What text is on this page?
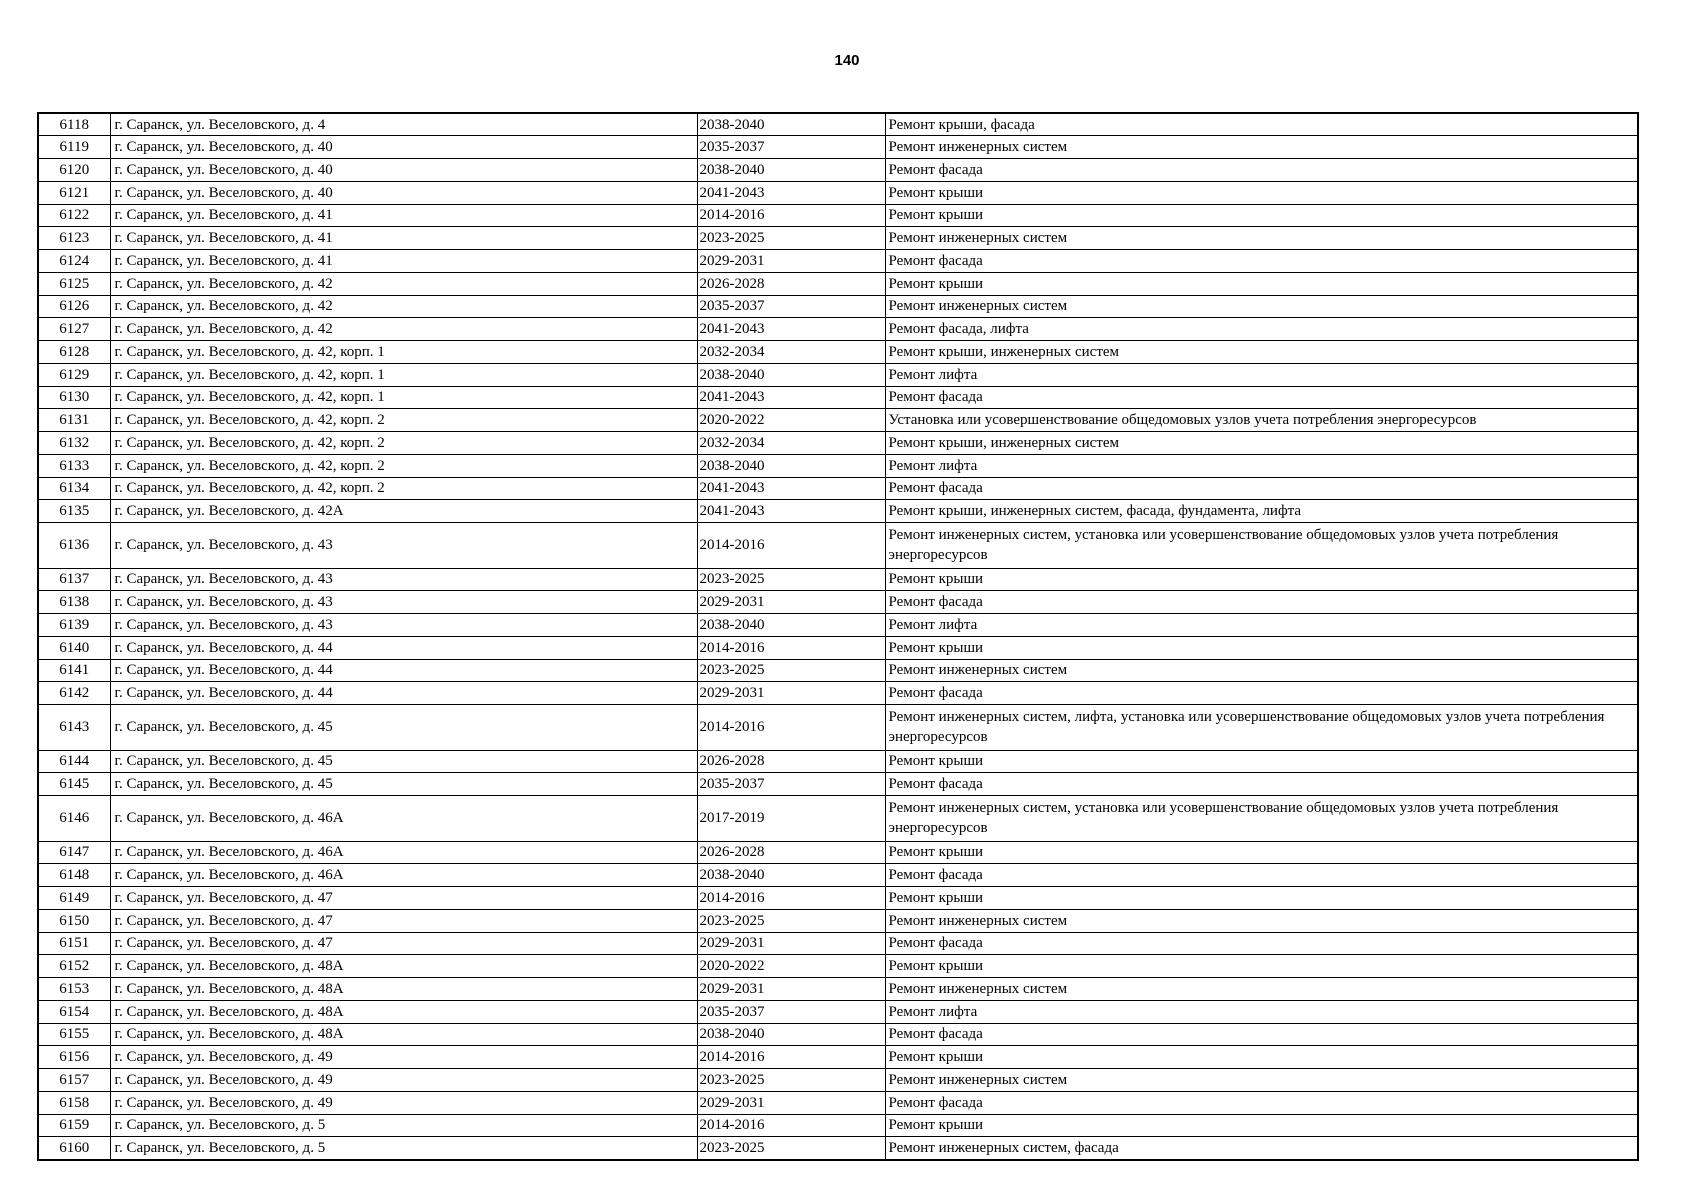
140
6118	г. Саранск, ул. Веселовского, д. 4	2038-2040	Ремонт крыши, фасада
6119	г. Саранск, ул. Веселовского, д. 40	2035-2037	Ремонт инженерных систем
6120	г. Саранск, ул. Веселовского, д. 40	2038-2040	Ремонт фасада
6121	г. Саранск, ул. Веселовского, д. 40	2041-2043	Ремонт крыши
6122	г. Саранск, ул. Веселовского, д. 41	2014-2016	Ремонт крыши
6123	г. Саранск, ул. Веселовского, д. 41	2023-2025	Ремонт инженерных систем
6124	г. Саранск, ул. Веселовского, д. 41	2029-2031	Ремонт фасада
6125	г. Саранск, ул. Веселовского, д. 42	2026-2028	Ремонт крыши
6126	г. Саранск, ул. Веселовского, д. 42	2035-2037	Ремонт инженерных систем
6127	г. Саранск, ул. Веселовского, д. 42	2041-2043	Ремонт фасада, лифта
6128	г. Саранск, ул. Веселовского, д. 42, корп. 1	2032-2034	Ремонт крыши, инженерных систем
6129	г. Саранск, ул. Веселовского, д. 42, корп. 1	2038-2040	Ремонт лифта
6130	г. Саранск, ул. Веселовского, д. 42, корп. 1	2041-2043	Ремонт фасада
6131	г. Саранск, ул. Веселовского, д. 42, корп. 2	2020-2022	Установка или усовершенствование общедомовых узлов учета потребления энергоресурсов
6132	г. Саранск, ул. Веселовского, д. 42, корп. 2	2032-2034	Ремонт крыши, инженерных систем
6133	г. Саранск, ул. Веселовского, д. 42, корп. 2	2038-2040	Ремонт лифта
6134	г. Саранск, ул. Веселовского, д. 42, корп. 2	2041-2043	Ремонт фасада
6135	г. Саранск, ул. Веселовского, д. 42А	2041-2043	Ремонт крыши, инженерных систем, фасада, фундамента, лифта
6136	г. Саранск, ул. Веселовского, д. 43	2014-2016	Ремонт инженерных систем, установка или усовершенствование общедомовых узлов учета потребления энергоресурсов
6137	г. Саранск, ул. Веселовского, д. 43	2023-2025	Ремонт крыши
6138	г. Саранск, ул. Веселовского, д. 43	2029-2031	Ремонт фасада
6139	г. Саранск, ул. Веселовского, д. 43	2038-2040	Ремонт лифта
6140	г. Саранск, ул. Веселовского, д. 44	2014-2016	Ремонт крыши
6141	г. Саранск, ул. Веселовского, д. 44	2023-2025	Ремонт инженерных систем
6142	г. Саранск, ул. Веселовского, д. 44	2029-2031	Ремонт фасада
6143	г. Саранск, ул. Веселовского, д. 45	2014-2016	Ремонт инженерных систем, лифта, установка или усовершенствование общедомовых узлов учета потребления энергоресурсов
6144	г. Саранск, ул. Веселовского, д. 45	2026-2028	Ремонт крыши
6145	г. Саранск, ул. Веселовского, д. 45	2035-2037	Ремонт фасада
6146	г. Саранск, ул. Веселовского, д. 46А	2017-2019	Ремонт инженерных систем, установка или усовершенствование общедомовых узлов учета потребления энергоресурсов
6147	г. Саранск, ул. Веселовского, д. 46А	2026-2028	Ремонт крыши
6148	г. Саранск, ул. Веселовского, д. 46А	2038-2040	Ремонт фасада
6149	г. Саранск, ул. Веселовского, д. 47	2014-2016	Ремонт крыши
6150	г. Саранск, ул. Веселовского, д. 47	2023-2025	Ремонт инженерных систем
6151	г. Саранск, ул. Веселовского, д. 47	2029-2031	Ремонт фасада
6152	г. Саранск, ул. Веселовского, д. 48А	2020-2022	Ремонт крыши
6153	г. Саранск, ул. Веселовского, д. 48А	2029-2031	Ремонт инженерных систем
6154	г. Саранск, ул. Веселовского, д. 48А	2035-2037	Ремонт лифта
6155	г. Саранск, ул. Веселовского, д. 48А	2038-2040	Ремонт фасада
6156	г. Саранск, ул. Веселовского, д. 49	2014-2016	Ремонт крыши
6157	г. Саранск, ул. Веселовского, д. 49	2023-2025	Ремонт инженерных систем
6158	г. Саранск, ул. Веселовского, д. 49	2029-2031	Ремонт фасада
6159	г. Саранск, ул. Веселовского, д. 5	2014-2016	Ремонт крыши
6160	г. Саранск, ул. Веселовского, д. 5	2023-2025	Ремонт инженерных систем, фасада
